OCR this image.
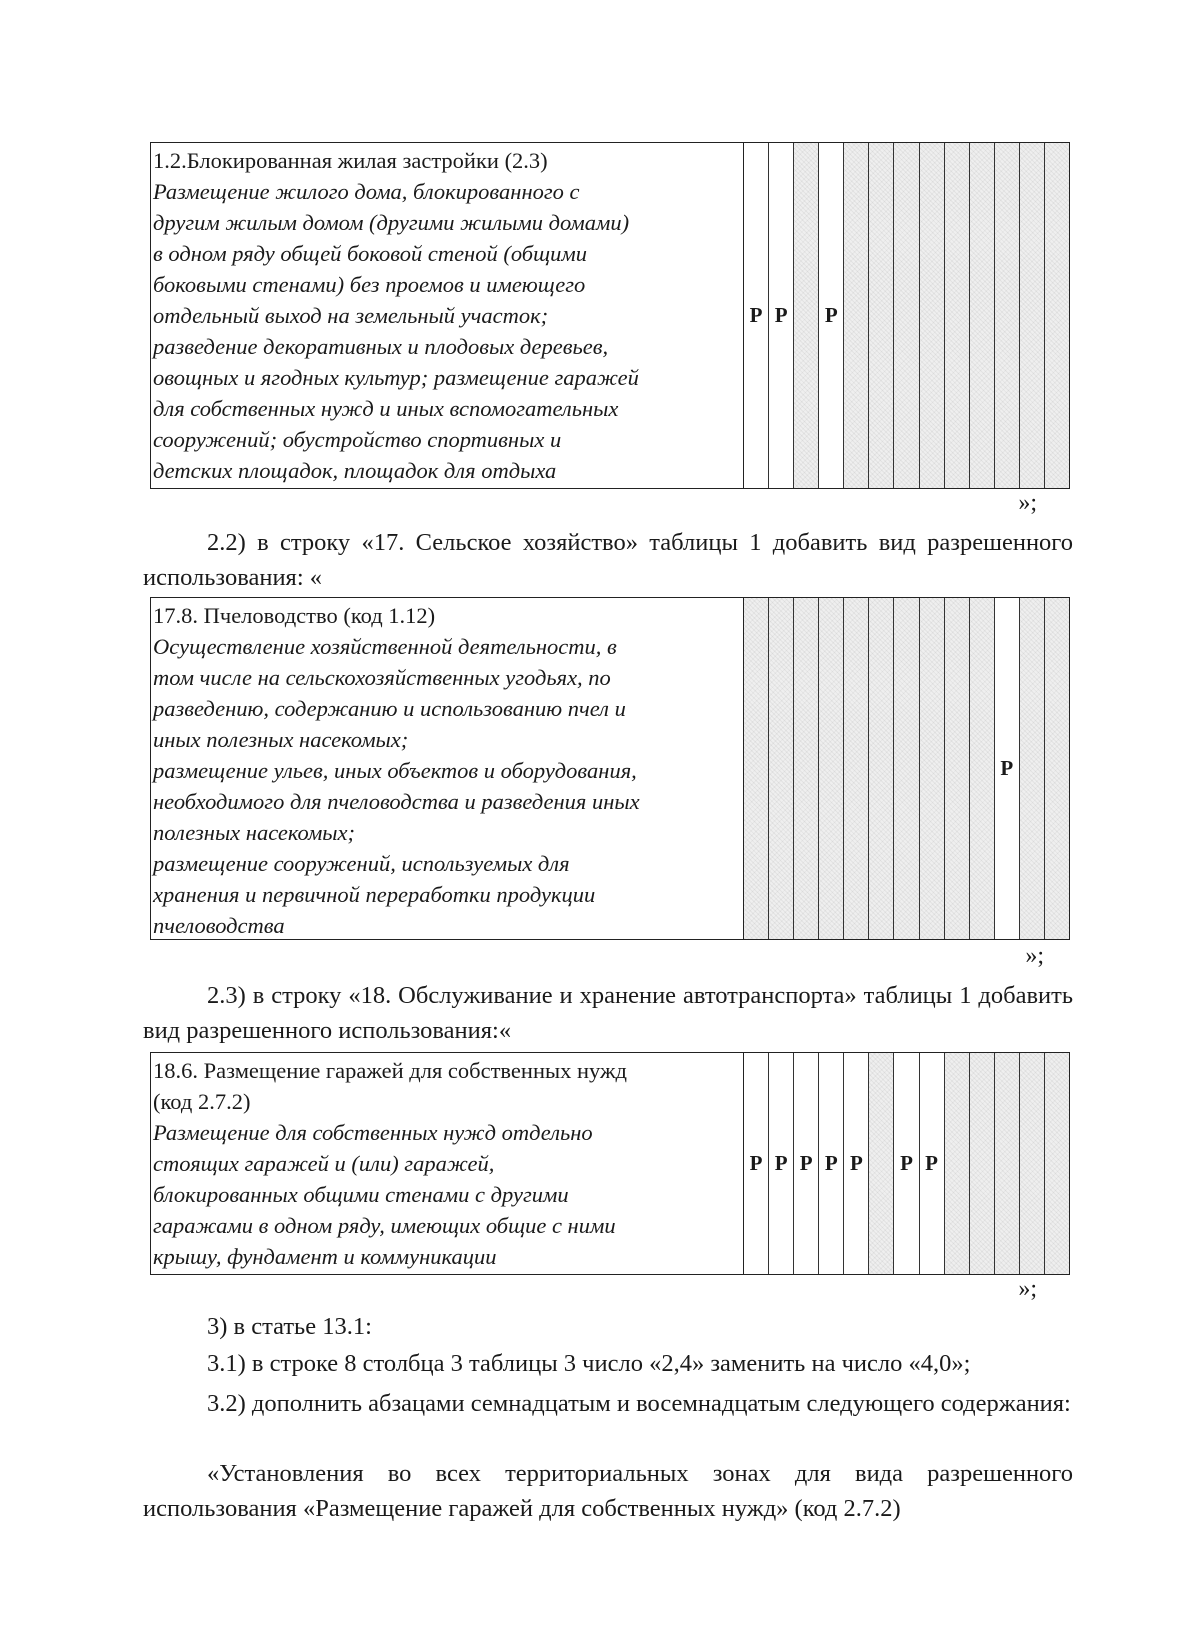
1.2.Блокированная жилая застройки (2.3)
Размещение жилого дома, блокированного с
другим жилым домом (другими жилыми домами)
в одном ряду общей боковой стеной (общими
боковыми стенами) без проемов и имеющего
отдельный выход на земельный участок;
разведение декоративных и плодовых деревьев,
овощных и ягодных культур; размещение гаражей
для собственных нужд и иных вспомогательных
сооружений; обустройство спортивных и
детских площадок, площадок для отдыха
Р Р	Р
»;
2.2) в строку «17. Сельское хозяйство» таблицы 1 добавить вид разрешенного использования: «
17.8. Пчеловодство (код 1.12)
Осуществление хозяйственной деятельности, в
том числе на сельскохозяйственных угодьях, по
разведению, содержанию и использованию пчел и
иных полезных насекомых;
размещение ульев, иных объектов и оборудования,
необходимого для пчеловодства и разведения иных
полезных насекомых;
размещение сооружений, используемых для
хранения и первичной переработки продукции
пчеловодства
Р
»;
2.3) в строку «18. Обслуживание и хранение автотранспорта» таблицы 1 добавить вид разрешенного использования:«
18.6. Размещение гаражей для собственных нужд
(код 2.7.2)
Размещение для собственных нужд отдельно
стоящих гаражей и (или) гаражей,
блокированных общими стенами с другими
гаражами в одном ряду, имеющих общие с ними
крышу, фундамент и коммуникации
Р Р Р Р Р	Р Р
»;
3) в статье 13.1:
3.1) в строке 8 столбца 3 таблицы 3 число «2,4» заменить на число «4,0»;
3.2) дополнить абзацами семнадцатым и восемнадцатым следующего содержания:
«Установления во всех территориальных зонах для вида разрешенного использования «Размещение гаражей для собственных нужд» (код 2.7.2)
